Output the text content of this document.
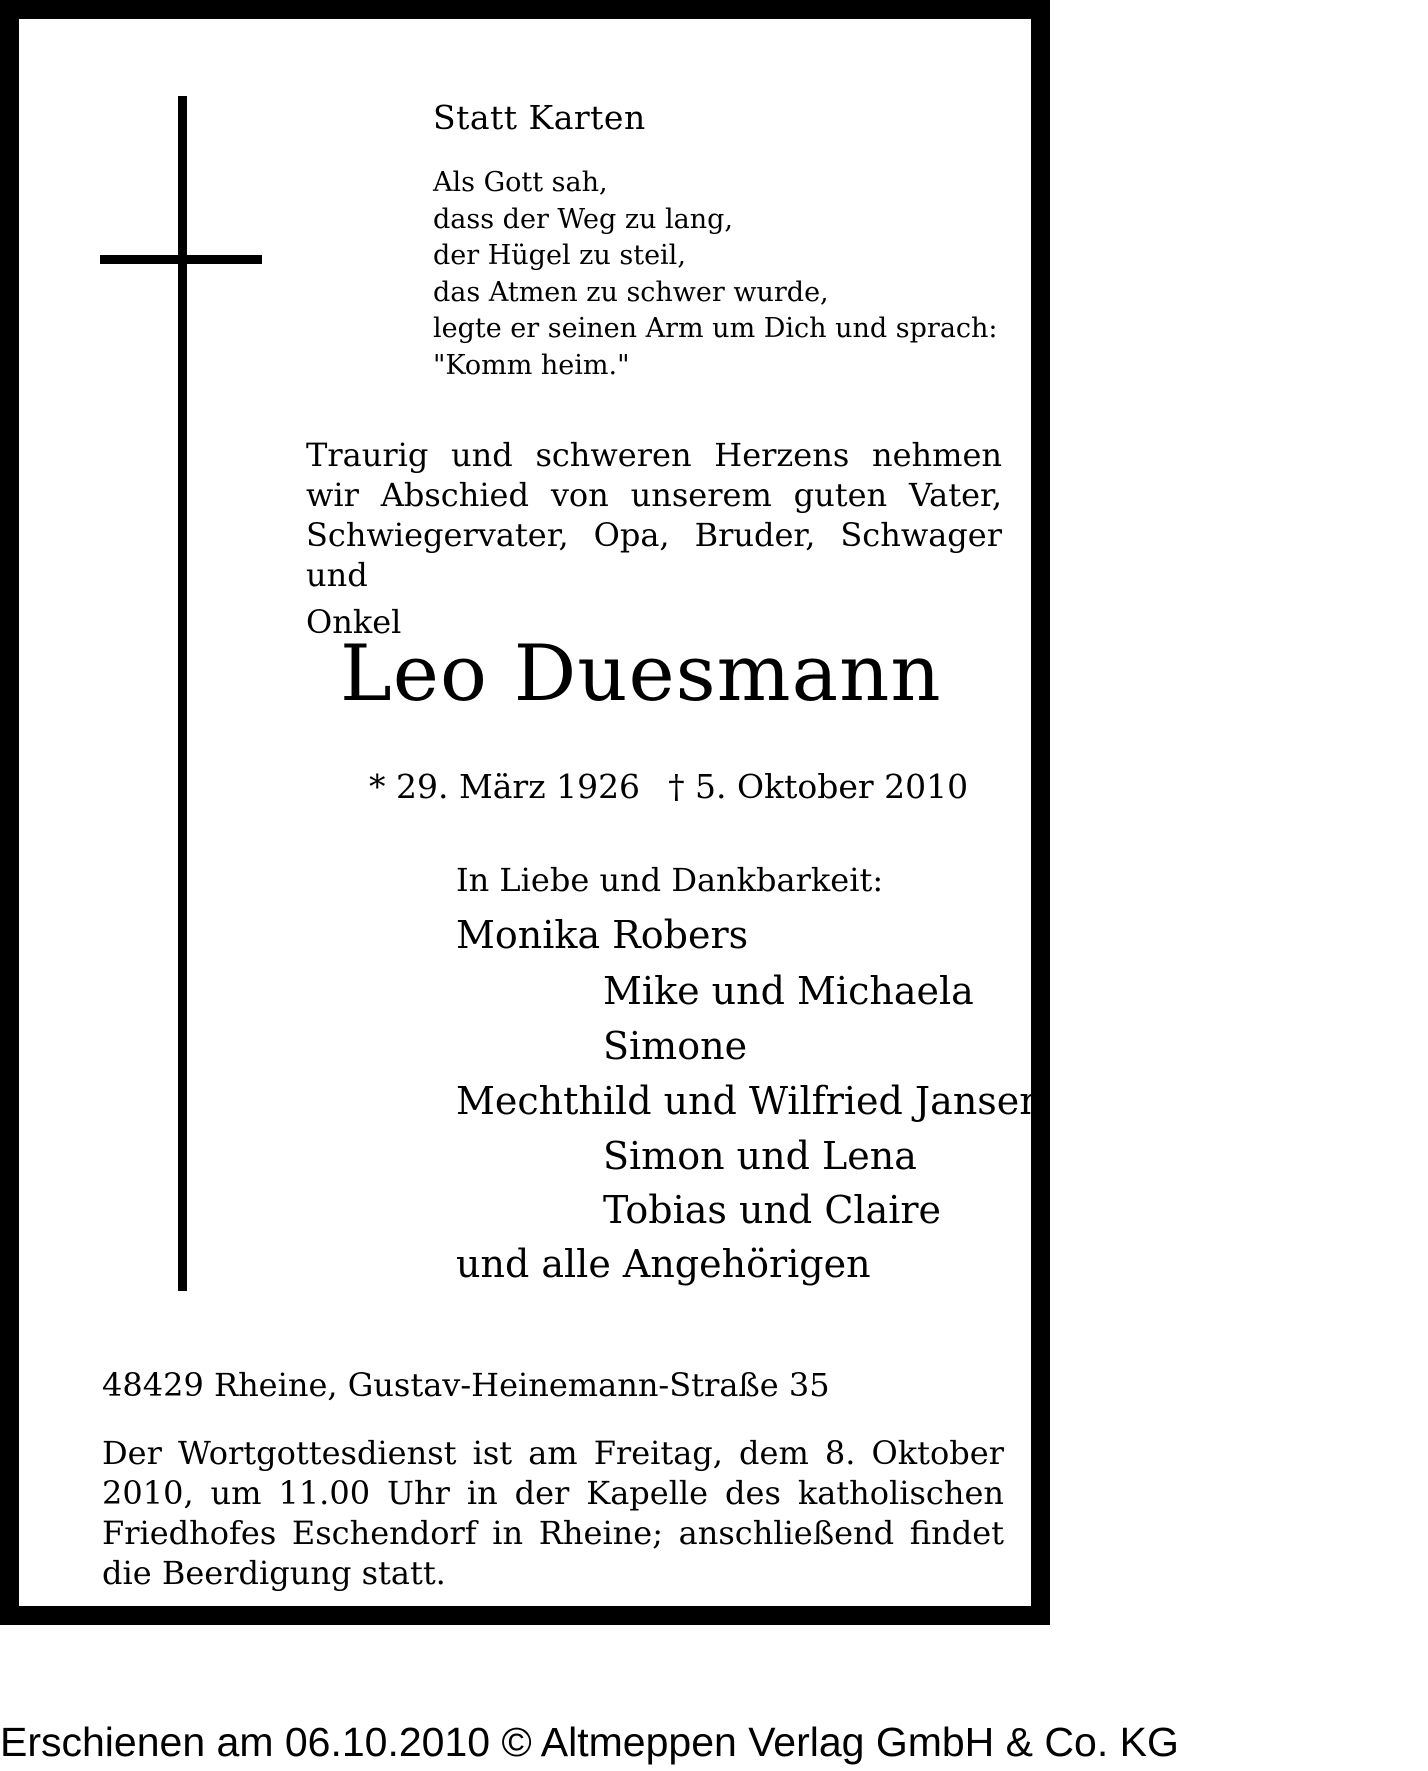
Statt Karten
Als Gott sah,
dass der Weg zu lang,
der Hügel zu steil,
das Atmen zu schwer wurde,
legte er seinen Arm um Dich und sprach:
"Komm heim."
Traurig und schweren Herzens nehmen wir Abschied von unserem guten Vater, Schwiegervater, Opa, Bruder, Schwager und
Onkel
Leo Duesmann
* 29. März 1926 † 5. Oktober 2010
In Liebe und Dankbarkeit:
Monika Robers
Mike und Michaela
Simone
Mechthild und Wilfried Jansen
Simon und Lena
Tobias und Claire
und alle Angehörigen
48429 Rheine, Gustav-Heinemann-Straße 35
Der Wortgottesdienst ist am Freitag, dem 8. Oktober 2010, um 11.00 Uhr in der Kapelle des katholischen Friedhofes Eschendorf in Rheine; anschließend findet die Beerdigung statt.
Erschienen am 06.10.2010 © Altmeppen Verlag GmbH & Co. KG
